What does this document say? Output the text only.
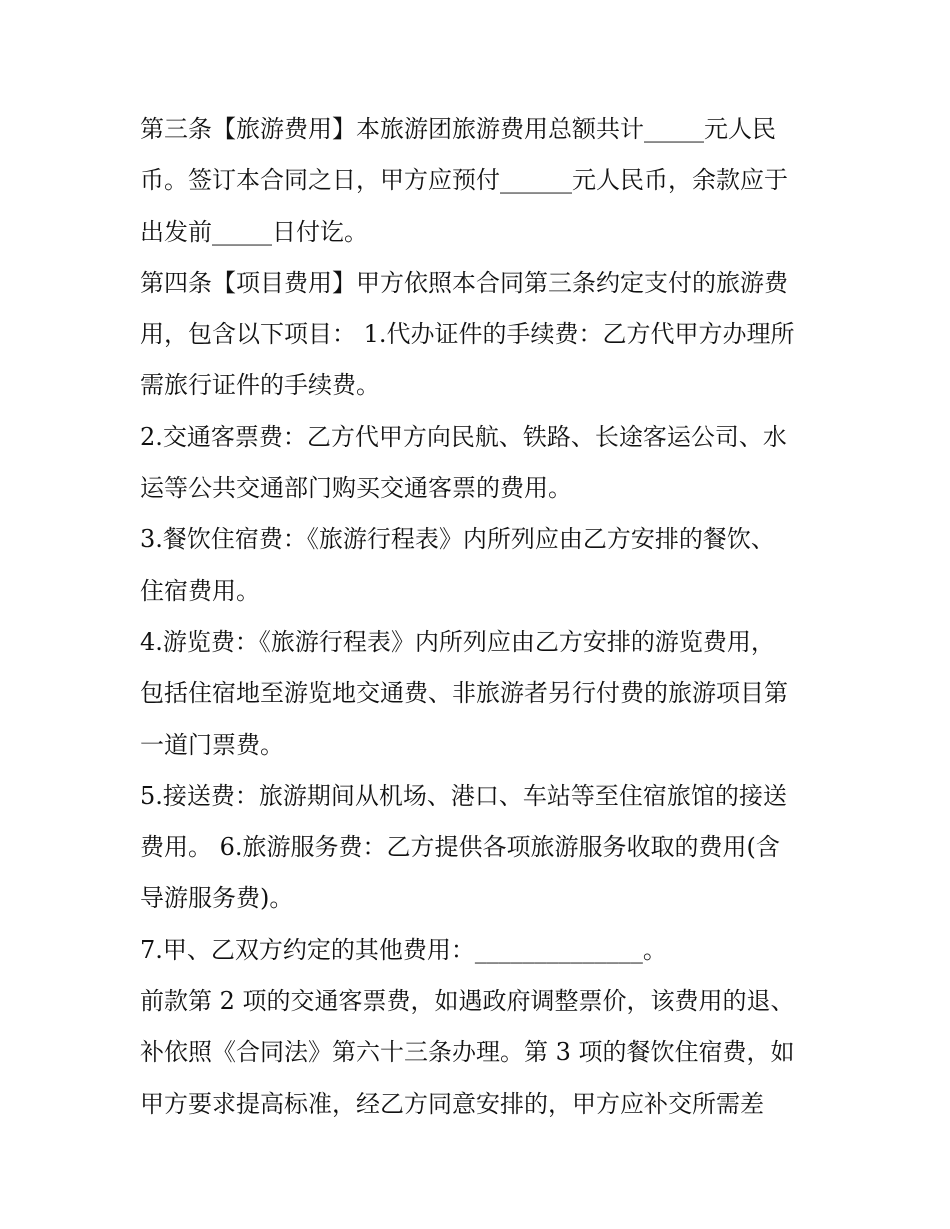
第三条【旅游费用】本旅游团旅游费用总额共计_____元人民
币。签订本合同之日，甲方应预付______元人民币，余款应于
出发前_____日付讫。

第四条【项目费用】甲方依照本合同第三条约定支付的旅游费
用，包含以下项目： 1.代办证件的手续费：乙方代甲方办理所
需旅行证件的手续费。

2.交通客票费：乙方代甲方向民航、铁路、长途客运公司、水
运等公共交通部门购买交通客票的费用。

3.餐饮住宿费：《旅游行程表》内所列应由乙方安排的餐饮、
住宿费用。

4.游览费：《旅游行程表》内所列应由乙方安排的游览费用，
包括住宿地至游览地交通费、非旅游者另行付费的旅游项目第
一道门票费。

5.接送费：旅游期间从机场、港口、车站等至住宿旅馆的接送
费用。 6.旅游服务费：乙方提供各项旅游服务收取的费用(含
导游服务费)。

7.甲、乙双方约定的其他费用：______________。

前款第 2 项的交通客票费，如遇政府调整票价，该费用的退、
补依照《合同法》第六十三条办理。第 3 项的餐饮住宿费，如
甲方要求提高标准，经乙方同意安排的，甲方应补交所需差
